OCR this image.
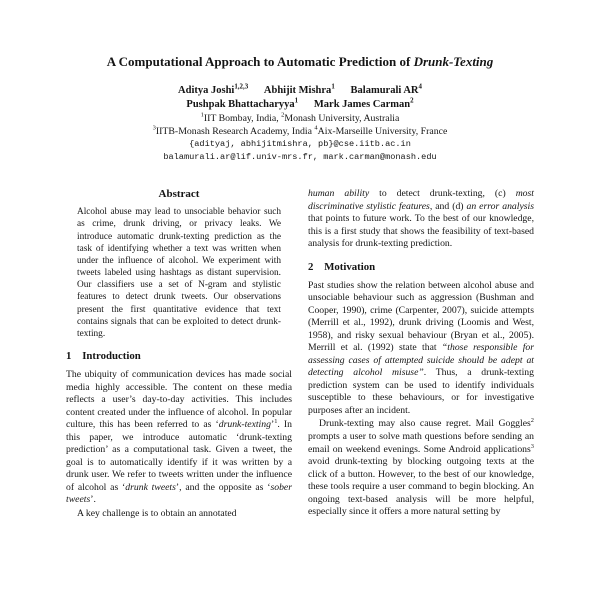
A Computational Approach to Automatic Prediction of Drunk-Texting
Aditya Joshi$^{1,2,3}$   Abhijit Mishra$^1$   Balamurali $AR^4$
Pushpak Bhattacharyya$^1$   Mark James Carman$^2$
$^1$IIT Bombay, India, $^2$Monash University, Australia
$^3$IITB-Monash Research Academy, India $^4$Aix-Marseille University, France
{adityaj, abhijitmishra, pb}@cse.iitb.ac.in
balamurali.ar@lif.univ-mrs.fr, mark.carman@monash.edu
Abstract

Alcohol abuse may lead to unsociable behavior such as crime, drunk driving, or privacy leaks. We introduce automatic drunk-texting prediction as the task of identifying whether a text was written when under the influence of alcohol. We experiment with tweets labeled using hashtags as distant supervision. Our classifiers use a set of N-gram and stylistic features to detect drunk tweets. Our observations present the first quantitative evidence that text contains signals that can be exploited to detect drunk-texting.

1 Introduction

The ubiquity of communication devices has made social media highly accessible. The content on these media reflects a user’s day-to-day activities. This includes content created under the influence of alcohol. In popular culture, this has been referred to as ‘drunk-texting’$^1$. In this paper, we introduce automatic ‘drunk-texting prediction’ as a computational task. Given a tweet, the goal is to automatically identify if it was written by a drunk user. We refer to tweets written under the influence of alcohol as ‘drunk tweets’, and the opposite as ‘sober tweets’.

A key challenge is to obtain an annotated

human ability to detect drunk-texting, (c) most discriminative stylistic features, and (d) an error analysis that points to future work. To the best of our knowledge, this is a first study that shows the feasibility of text-based analysis for drunk-texting prediction.

2 Motivation

Past studies show the relation between alcohol abuse and unsociable behaviour such as aggression (Bushman and Cooper, 1990), crime (Carpenter, 2007), suicide attempts (Merrill et al., 1992), drunk driving (Loomis and West, 1958), and risky sexual behaviour (Bryan et al., 2005). Merrill et al. (1992) state that “those responsible for assessing cases of attempted suicide should be adept at detecting alcohol misuse”. Thus, a drunk-texting prediction system can be used to identify individuals susceptible to these behaviours, or for investigative purposes after an incident.

Drunk-texting may also cause regret. Mail Goggles$^2$ prompts a user to solve math questions before sending an email on weekend evenings. Some Android applications$^3$ avoid drunk-texting by blocking outgoing texts at the click of a button. However, to the best of our knowledge, these tools require a user command to begin blocking. An ongoing text-based analysis will be more helpful, especially since it offers a more natural setting by
